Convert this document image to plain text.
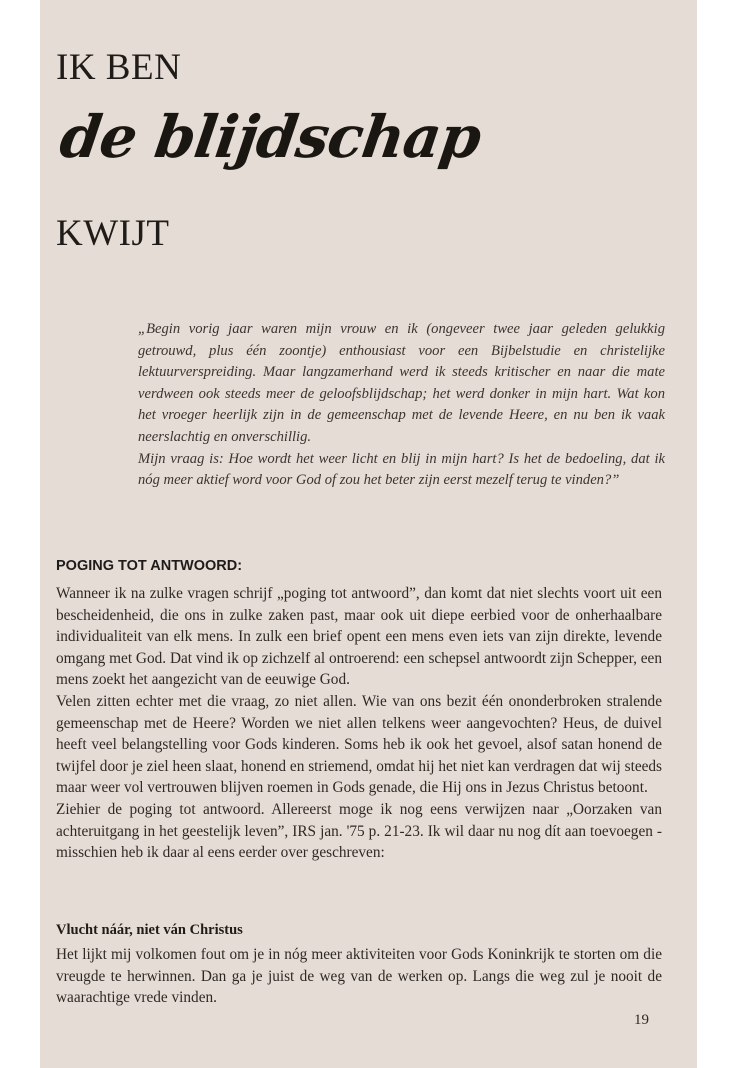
IK BEN
de blijdschap
KWIJT

„Begin vorig jaar waren mijn vrouw en ik (ongeveer twee jaar geleden gelukkig getrouwd, plus één zoontje) enthousiast voor een Bijbelstudie en christelijke lektuurverspreiding. Maar langzamerhand werd ik steeds kritischer en naar die mate verdween ook steeds meer de geloofsblijdschap; het werd donker in mijn hart. Wat kon het vroeger heerlijk zijn in de gemeenschap met de levende Heere, en nu ben ik vaak neerslachtig en onverschillig.

Mijn vraag is: Hoe wordt het weer licht en blij in mijn hart? Is het de bedoeling, dat ik nóg meer aktief word voor God of zou het beter zijn eerst mezelf terug te vinden?”

POGING TOT ANTWOORD:

Wanneer ik na zulke vragen schrijf „poging tot antwoord”, dan komt dat niet slechts voort uit een bescheidenheid, die ons in zulke zaken past, maar ook uit diepe eerbied voor de onherhaalbare individualiteit van elk mens. In zulk een brief opent een mens even iets van zijn direkte, levende omgang met God. Dat vind ik op zichzelf al ontroerend: een schepsel antwoordt zijn Schepper, een mens zoekt het aangezicht van de eeuwige God.

Velen zitten echter met die vraag, zo niet allen. Wie van ons bezit één ononderbroken stralende gemeenschap met de Heere? Worden we niet allen telkens weer aangevochten? Heus, de duivel heeft veel belangstelling voor Gods kinderen. Soms heb ik ook het gevoel, alsof satan honend de twijfel door je ziel heen slaat, honend en striemend, omdat hij het niet kan verdragen dat wij steeds maar weer vol vertrouwen blijven roemen in Gods genade, die Hij ons in Jezus Christus betoont.

Ziehier de poging tot antwoord. Allereerst moge ik nog eens verwijzen naar „Oorzaken van achteruitgang in het geestelijk leven”, IRS jan. '75 p. 21-23. Ik wil daar nu nog dít aan toevoegen - misschien heb ik daar al eens eerder over geschreven:

Vlucht náár, niet ván Christus

Het lijkt mij volkomen fout om je in nóg meer aktiviteiten voor Gods Koninkrijk te storten om die vreugde te herwinnen. Dan ga je juist de weg van de werken op. Langs die weg zul je nooit de waarachtige vrede vinden.

19
